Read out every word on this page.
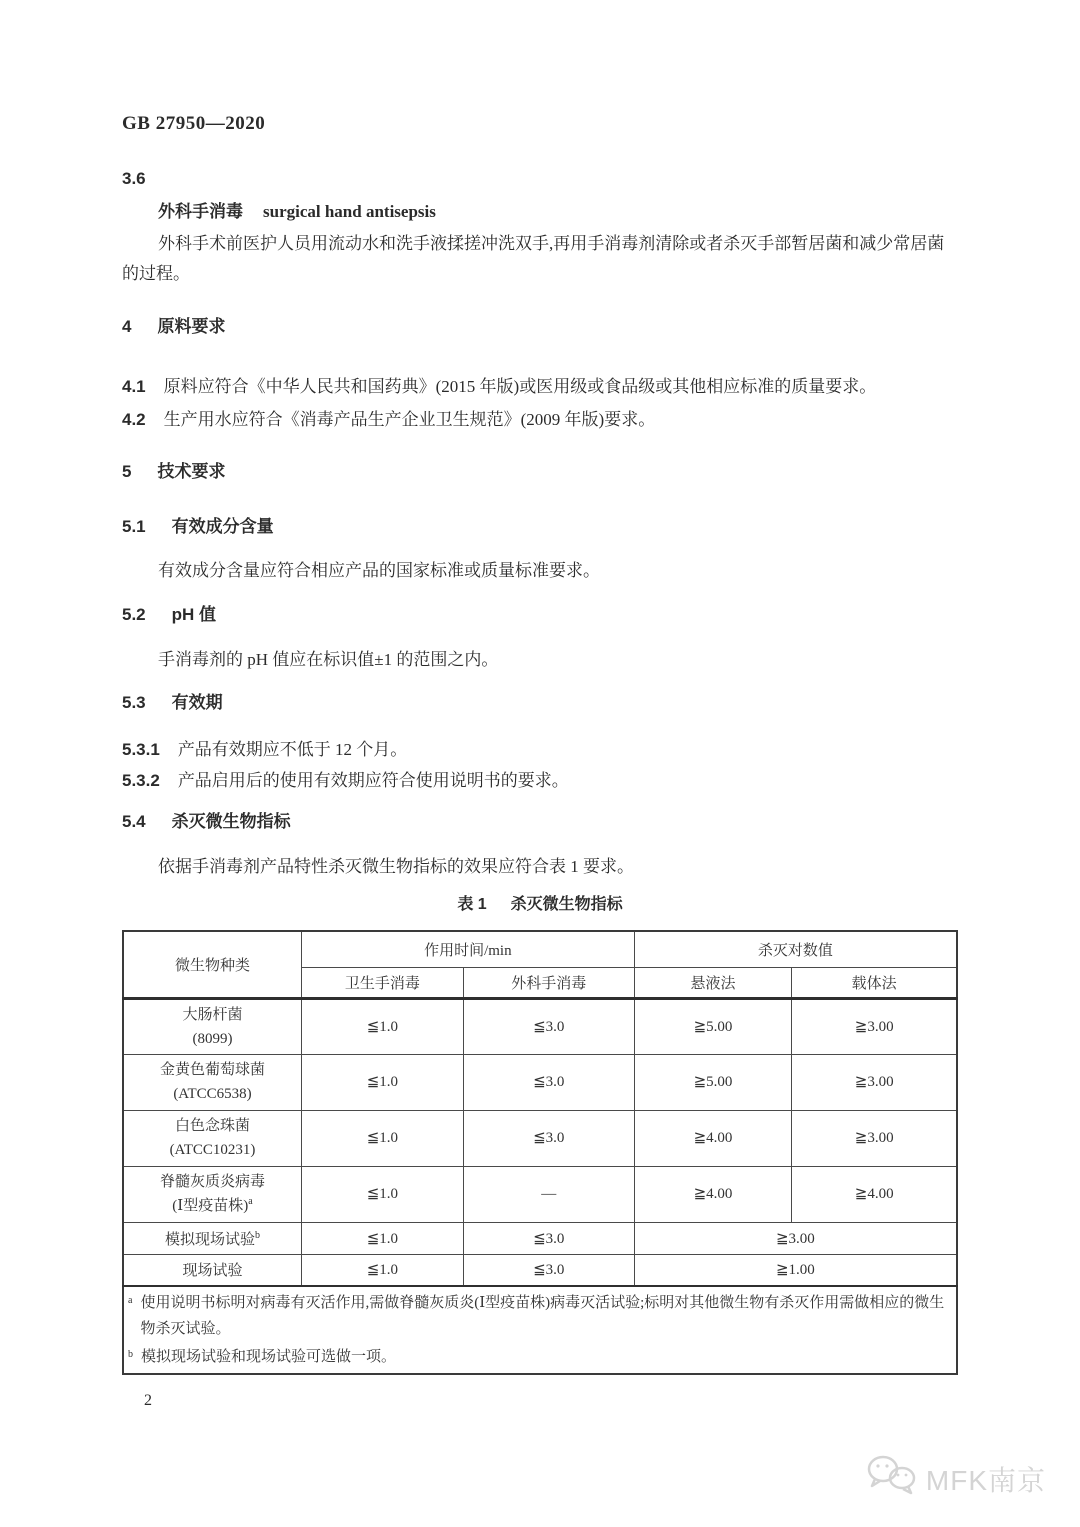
GB 27950—2020
3.6
外科手消毒 surgical hand antisepsis

外科手术前医护人员用流动水和洗手液揉搓冲洗双手,再用手消毒剂清除或者杀灭手部暂居菌和减少常居菌的过程。

4 原料要求

4.1 原料应符合《中华人民共和国药典》(2015 年版)或医用级或食品级或其他相应标准的质量要求。

4.2 生产用水应符合《消毒产品生产企业卫生规范》(2009 年版)要求。

5 技术要求
5.1 有效成分含量

有效成分含量应符合相应产品的国家标准或质量标准要求。

5.2 pH 值

手消毒剂的 pH 值应在标识值±1 的范围之内。

5.3 有效期

5.3.1 产品有效期应不低于 12 个月。

5.3.2 产品启用后的使用有效期应符合使用说明书的要求。

5.4 杀灭微生物指标

依据手消毒剂产品特性杀灭微生物指标的效果应符合表 1 要求。

表 1 杀灭微生物指标
微生物种类	作用时间/min		杀灭对数值	
	卫生手消毒	外科手消毒	悬液法	载体法

大肠杆菌
(8099)	≦1.0	≦3.0	≧5.00	≧3.00

金黄色葡萄球菌
(ATCC6538)	≦1.0	≦3.0	≧5.00	≧3.00

白色念珠菌
(ATCC10231)	≦1.0	≦3.0	≧4.00	≧3.00

脊髓灰质炎病毒
(Ⅰ型疫苗株)$^a$	≦1.0	—	≧4.00	≧4.00
模拟现场试验$^b$	≦1.0	≦3.0	≧3.00	
现场试验	≦1.0	≦3.0	≧1.00	

a 使用说明书标明对病毒有灭活作用,需做脊髓灰质炎(Ⅰ型疫苗株)病毒灭活试验;标明对其他微生物有杀灭作用需做相应的微生物杀灭试验。
b 模拟现场试验和现场试验可选做一项。				
2
MFK南京
